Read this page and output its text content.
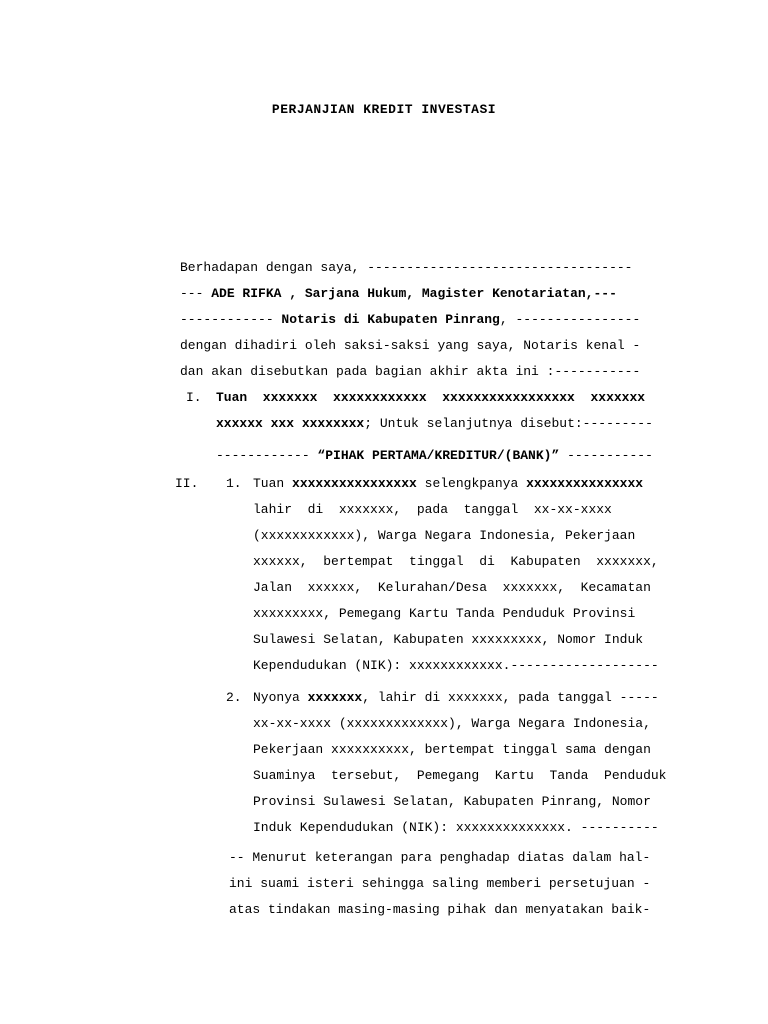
PERJANJIAN KREDIT INVESTASI
Berhadapan dengan saya, ----------------------------------
--- ADE RIFKA , Sarjana Hukum, Magister Kenotariatan,---
------------ Notaris di Kabupaten Pinrang, ----------------
dengan dihadiri oleh saksi-saksi yang saya, Notaris kenal -
dan akan disebutkan pada bagian akhir akta ini :-----------
I. Tuan  xxxxxxx  xxxxxxxxxxxx  xxxxxxxxxxxxxxxxx  xxxxxxx
xxxxxx xxx xxxxxxxx; Untuk selanjutnya disebut:---------
------------ “PIHAK PERTAMA/KREDITUR/(BANK)” -----------
II. 1. Tuan xxxxxxxxxxxxxxxx selengkpanya xxxxxxxxxxxxxxx
lahir  di  xxxxxxx,  pada  tanggal  xx-xx-xxxx
(xxxxxxxxxxxx), Warga Negara Indonesia, Pekerjaan
xxxxxx,  bertempat  tinggal  di  Kabupaten  xxxxxxx,
Jalan  xxxxxx,  Kelurahan/Desa  xxxxxxx,  Kecamatan
xxxxxxxxx, Pemegang Kartu Tanda Penduduk Provinsi
Sulawesi Selatan, Kabupaten xxxxxxxxx, Nomor Induk
Kependudukan (NIK): xxxxxxxxxxxx.-------------------
2. Nyonya xxxxxxx, lahir di xxxxxxx, pada tanggal -----
xx-xx-xxxx (xxxxxxxxxxxxx), Warga Negara Indonesia,
Pekerjaan xxxxxxxxxx, bertempat tinggal sama dengan
Suaminya  tersebut,  Pemegang  Kartu  Tanda  Penduduk
Provinsi Sulawesi Selatan, Kabupaten Pinrang, Nomor
Induk Kependudukan (NIK): xxxxxxxxxxxxxx. ----------
-- Menurut keterangan para penghadap diatas dalam hal-
ini suami isteri sehingga saling memberi persetujuan -
atas tindakan masing-masing pihak dan menyatakan baik-
